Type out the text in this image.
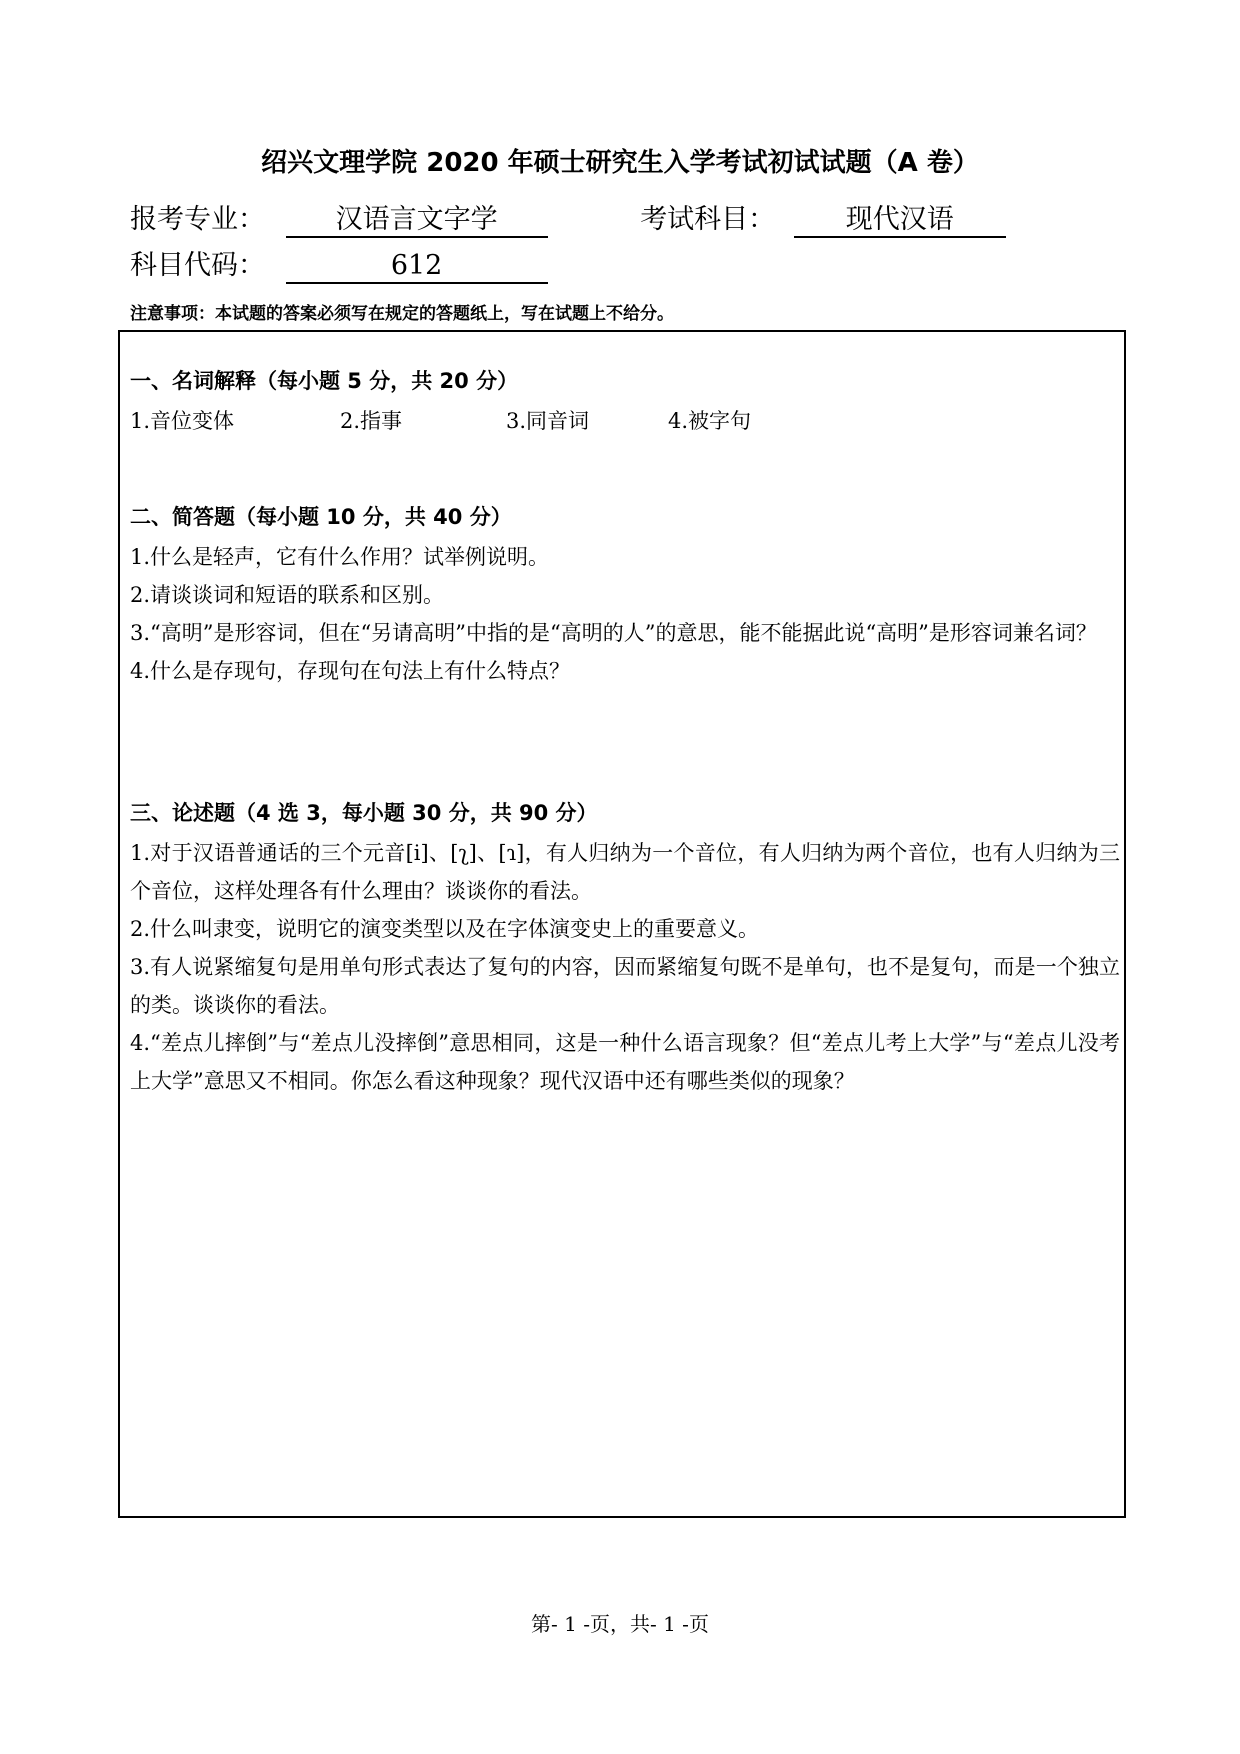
绍兴文理学院 2020 年硕士研究生入学考试初试试题（A 卷）
报考专业：	汉语言文字学	考试科目：	现代汉语
科目代码：	612
注意事项：本试题的答案必须写在规定的答题纸上，写在试题上不给分。
一、名词解释（每小题 5 分，共 20 分）
1.音位变体	2.指事	3.同音词	4.被字句
二、简答题（每小题 10 分，共 40 分）
1.什么是轻声，它有什么作用？试举例说明。
2.请谈谈词和短语的联系和区别。
3.“高明”是形容词，但在“另请高明”中指的是“高明的人”的意思，能不能据此说“高明”是形容词兼名词？
4.什么是存现句，存现句在句法上有什么特点？
三、论述题（4 选 3，每小题 30 分，共 90 分）
1.对于汉语普通话的三个元音[i]、[ʅ]、[ɿ]，有人归纳为一个音位，有人归纳为两个音位，也有人归纳为三个音位，这样处理各有什么理由？谈谈你的看法。
2.什么叫隶变，说明它的演变类型以及在字体演变史上的重要意义。
3.有人说紧缩复句是用单句形式表达了复句的内容，因而紧缩复句既不是单句，也不是复句，而是一个独立的类。谈谈你的看法。
4.“差点儿摔倒”与“差点儿没摔倒”意思相同，这是一种什么语言现象？但“差点儿考上大学”与“差点儿没考上大学”意思又不相同。你怎么看这种现象？现代汉语中还有哪些类似的现象？
第- 1 -页，共- 1 -页
